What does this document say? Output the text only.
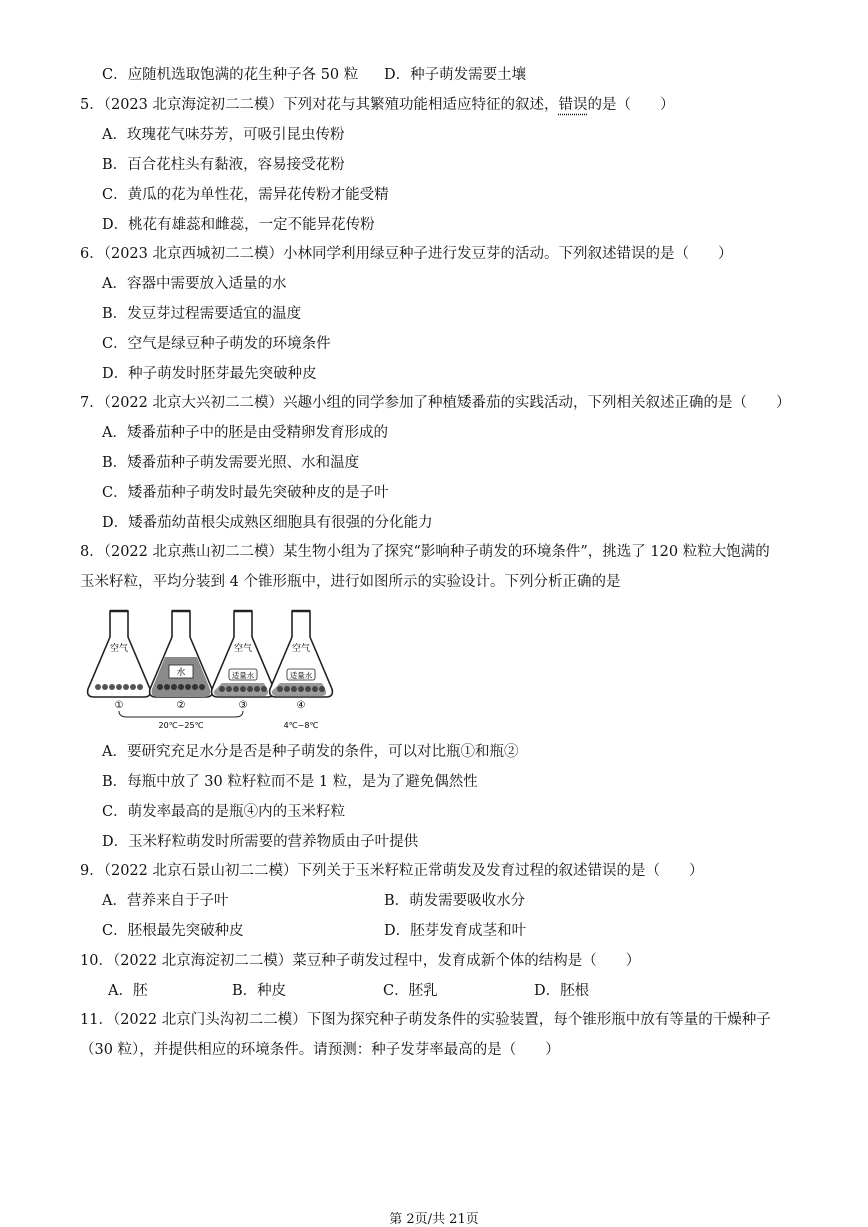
C．应随机选取饱满的花生种子各 50 粒 D．种子萌发需要土壤
5．（2023 北京海淀初二二模）下列对花与其繁殖功能相适应特征的叙述，错误的是（　　）
A．玫瑰花气味芬芳，可吸引昆虫传粉
B．百合花柱头有黏液，容易接受花粉
C．黄瓜的花为单性花，需异花传粉才能受精
D．桃花有雄蕊和雌蕊，一定不能异花传粉
6．（2023 北京西城初二二模）小林同学利用绿豆种子进行发豆芽的活动。下列叙述错误的是（　　）
A．容器中需要放入适量的水
B．发豆芽过程需要适宜的温度
C．空气是绿豆种子萌发的环境条件
D．种子萌发时胚芽最先突破种皮
7．（2022 北京大兴初二二模）兴趣小组的同学参加了种植矮番茄的实践活动，下列相关叙述正确的是（　　）
A．矮番茄种子中的胚是由受精卵发育形成的
B．矮番茄种子萌发需要光照、水和温度
C．矮番茄种子萌发时最先突破种皮的是子叶
D．矮番茄幼苗根尖成熟区细胞具有很强的分化能力
8．（2022 北京燕山初二二模）某生物小组为了探究“影响种子萌发的环境条件”，挑选了 120 粒粒大饱满的
玉米籽粒，平均分装到 4 个锥形瓶中，进行如图所示的实验设计。下列分析正确的是
空气
水
空气
适量水
空气
适量水
①	②	③	④
20℃~25℃	4℃~8℃
A．要研究充足水分是否是种子萌发的条件，可以对比瓶①和瓶②
B．每瓶中放了 30 粒籽粒而不是 1 粒，是为了避免偶然性
C．萌发率最高的是瓶④内的玉米籽粒
D．玉米籽粒萌发时所需要的营养物质由子叶提供
9．（2022 北京石景山初二二模）下列关于玉米籽粒正常萌发及发育过程的叙述错误的是（　　）
A．营养来自于子叶	B．萌发需要吸收水分
C．胚根最先突破种皮	D．胚芽发育成茎和叶
10．（2022 北京海淀初二二模）菜豆种子萌发过程中，发育成新个体的结构是（　　）
A．胚	B．种皮	C．胚乳	D．胚根
11．（2022 北京门头沟初二二模）下图为探究种子萌发条件的实验装置，每个锥形瓶中放有等量的干燥种子
（30 粒），并提供相应的环境条件。请预测：种子发芽率最高的是（　　）
第 2页/共 21页
